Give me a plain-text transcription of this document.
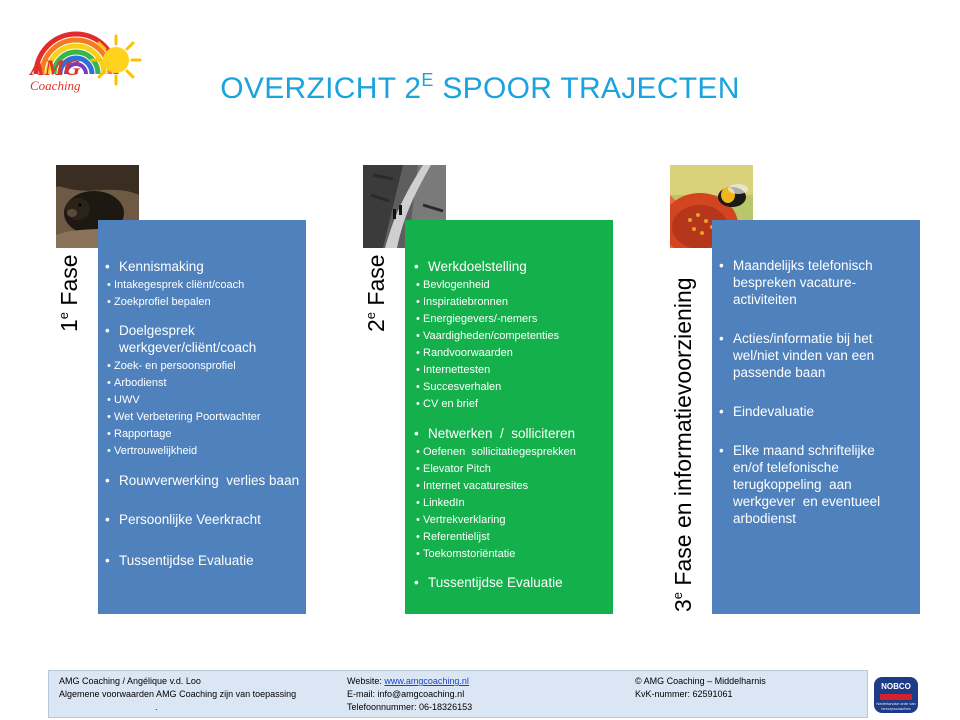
AMG
Coaching	OVERZICHT $2^E$ SPOOR TRAJECTEN
1e Fase	• Kennismaking
• Intakegesprek cliënt/coach
• Zoekprofiel bepalen
• Doelgesprek werkgever/cliënt/coach
• Zoek- en persoonsprofiel
• Arbodienst
• UWV
• Wet Verbetering Poortwachter
• Rapportage
• Vertrouwelijkheid
• Rouwverwerking  verlies baan
• Persoonlijke Veerkracht
• Tussentijdse Evaluatie
2e Fase	• Werkdoelstelling
• Bevlogenheid
• Inspiratiebronnen
• Energiegevers/-nemers
• Vaardigheden/competenties
• Randvoorwaarden
• Internettesten
• Succesverhalen
• CV en brief
• Netwerken  /  solliciteren
• Oefenen  sollicitatiegesprekken
• Elevator Pitch
• Internet vacaturesites
• LinkedIn
• Vertrekverklaring
• Referentielijst
• Toekomstoriëntatie
• Tussentijdse Evaluatie
3e Fase en informatievoorziening
• Maandelijks telefonisch bespreken vacature-activiteiten
• Acties/informatie bij het wel/niet vinden van een passende baan
• Eindevaluatie
• Elke maand schriftelijke en/of telefonische terugkoppeling  aan werkgever  en eventueel arbodienst
AMG Coaching / Angélique v.d. Loo
Algemene voorwaarden AMG Coaching zijn van toepassing
.
Website: www.amgcoaching.nl
E-mail: info@amgcoaching.nl
Telefoonnummer: 06-18326153
© AMG Coaching – Middelharnis
KvK-nummer: 62591061
NOBCO
Nederlandse orde van beroepscoaches
